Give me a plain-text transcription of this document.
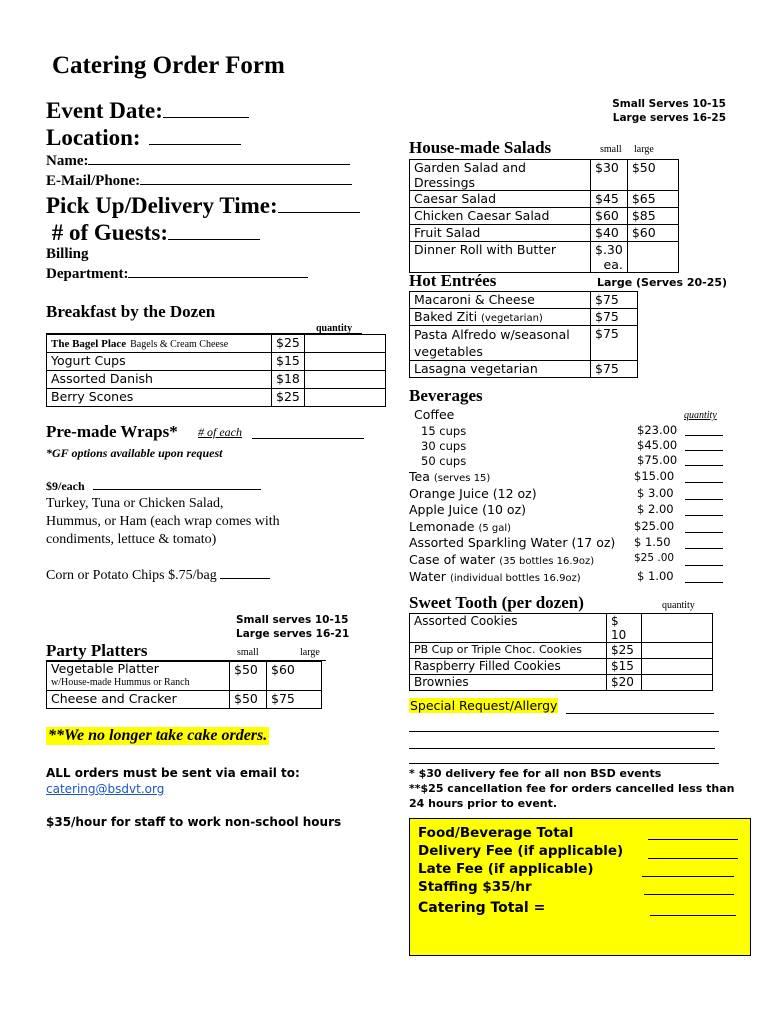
Catering Order Form
Event Date:
Location:
Name:
E-Mail/Phone:
Pick Up/Delivery Time:
# of Guests:
Billing
Department:
Breakfast by the Dozen
quantity
The Bagel Place Bagels & Cream Cheese	$25	
Yogurt Cups	$15	
Assorted Danish	$18	
Berry Scones	$25	
Pre-made Wraps* # of each
*GF options available upon request
$9/each
Turkey, Tuna or Chicken Salad,
Hummus, or Ham (each wrap comes with
condiments, lettuce & tomato)
Corn or Potato Chips $.75/bag
Small serves 10-15
Large serves 16-21
Party Platters	small	large
Vegetable Platter
w/House-made Hummus or Ranch	$50	$60
Cheese and Cracker	$50	$75
**We no longer take cake orders.
ALL orders must be sent via email to:
catering@bsdvt.org
$35/hour for staff to work non-school hours
Small Serves 10-15
Large serves 16-25
House-made Salads	small large
Garden Salad and Dressings	$30	$50
Caesar Salad	$45	$65
Chicken Caesar Salad	$60	$85
Fruit Salad	$40	$60
Dinner Roll with Butter	$.30
ea.	

Hot Entrées	Large (Serves 20-25)
Macaroni & Cheese	$75
Baked Ziti (vegetarian)	$75

Pasta Alfredo w/seasonal
vegetables	$75
Lasagna vegetarian	$75
Beverages
quantity
Coffee
15 cups	$23.00
30 cups	$45.00
50 cups	$75.00
Tea (serves 15)	$15.00
Orange Juice (12 oz)	$ 3.00
Apple Juice (10 oz)	$ 2.00
Lemonade (5 gal)	$25.00
Assorted Sparkling Water (17 oz) $ 1.50
Case of water (35 bottles 16.9oz)	$25 .00
Water (individual bottles 16.9oz)	$ 1.00
Sweet Tooth (per dozen)	quantity
Assorted Cookies	$ 10	
PB Cup or Triple Choc. Cookies	$25	
Raspberry Filled Cookies	$15	
Brownies	$20	
Special Request/Allergy
* $30 delivery fee for all non BSD events
**$25 cancellation fee for orders cancelled less than
24 hours prior to event.
Food/Beverage Total
Delivery Fee (if applicable)
Late Fee (if applicable)
Staffing $35/hr
Catering Total =
